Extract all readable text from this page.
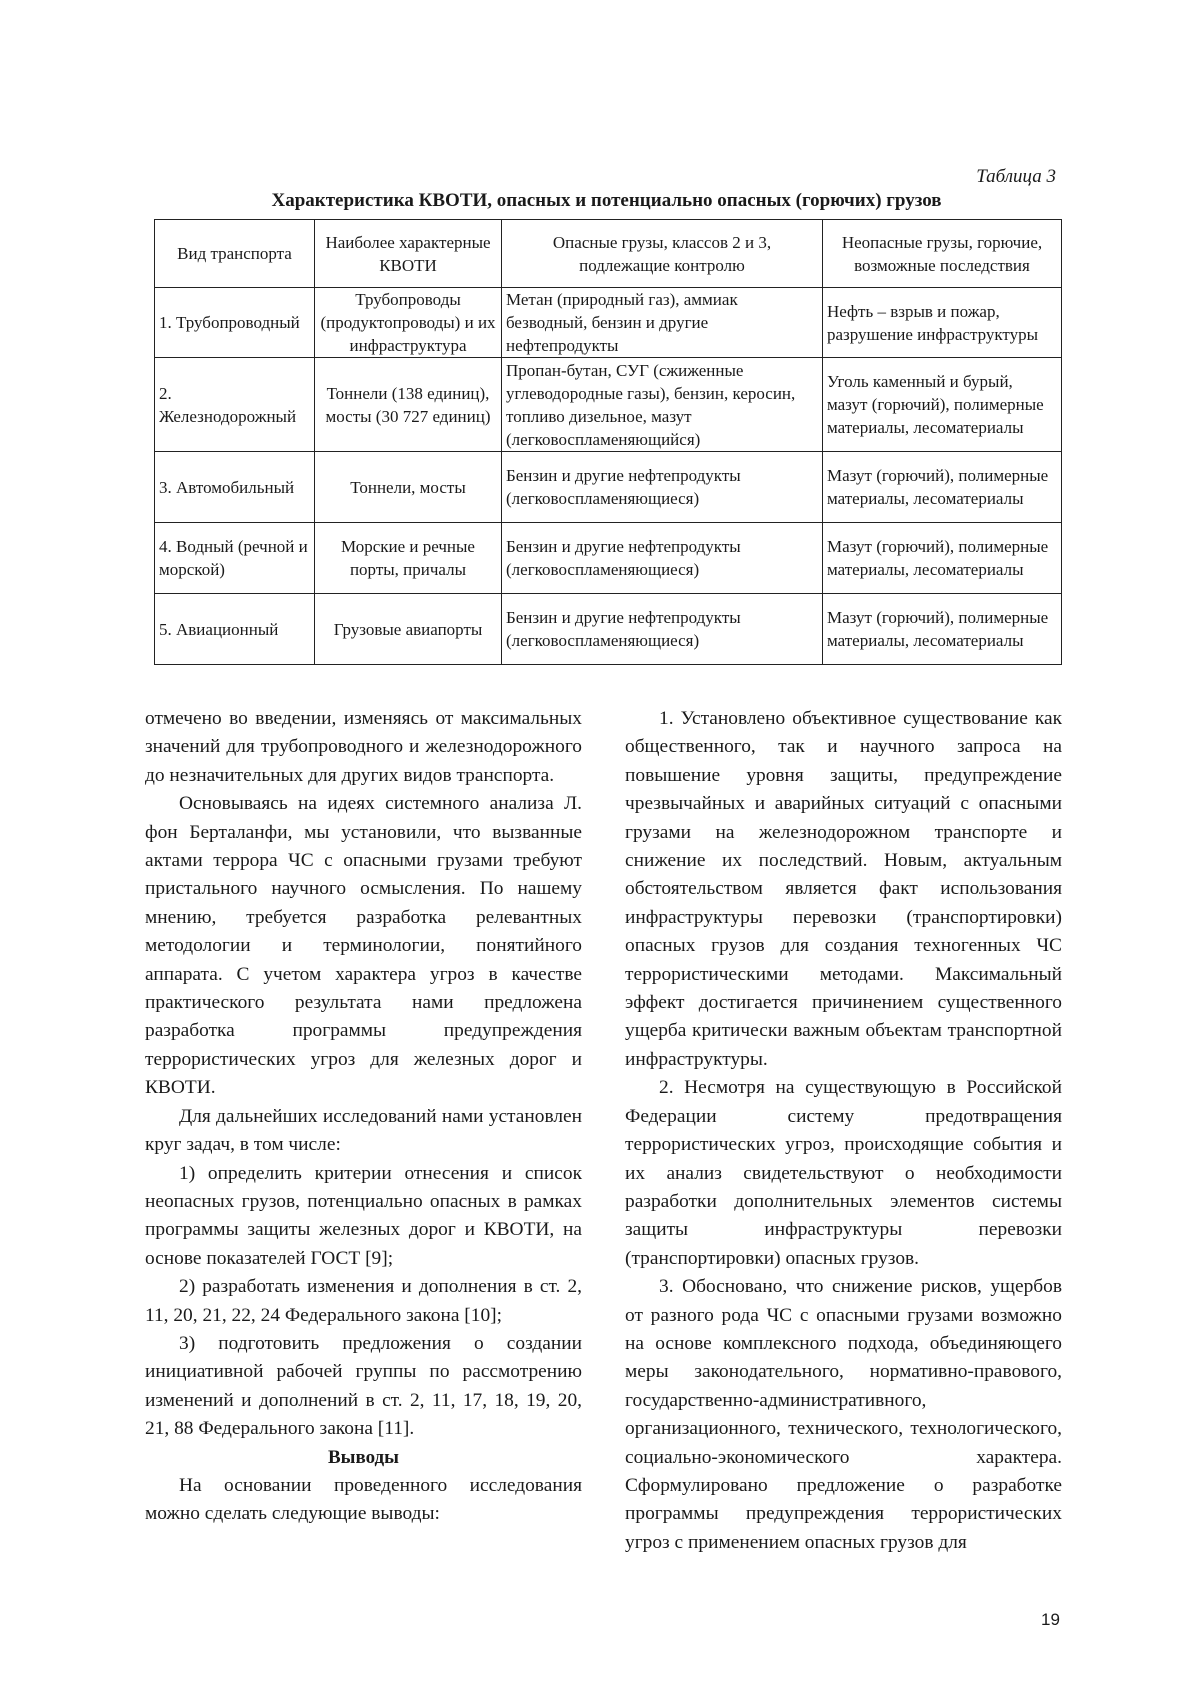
Таблица 3
Характеристика КВОТИ, опасных и потенциально опасных (горючих) грузов
Вид транспорта	Наиболее характерные КВОТИ	Опасные грузы, классов 2 и 3, подлежащие контролю	Неопасные грузы, горючие, возможные последствия
1. Трубопроводный	Трубопроводы (продуктопроводы) и их инфраструктура	Метан (природный газ), аммиак безводный, бензин и другие нефтепродукты	Нефть – взрыв и пожар, разрушение инфраструктуры
2. Железнодорожный	Тоннели (138 единиц), мосты (30 727 единиц)	Пропан-бутан, СУГ (сжиженные углеводородные газы), бензин, керосин, топливо дизельное, мазут (легковоспламеняющийся)	Уголь каменный и бурый, мазут (горючий), полимерные материалы, лесоматериалы
3. Автомобильный	Тоннели, мосты	Бензин и другие нефтепродукты (легковоспламеняющиеся)	Мазут (горючий), полимерные материалы, лесоматериалы
4. Водный (речной и морской)	Морские и речные порты, причалы	Бензин и другие нефтепродукты (легковоспламеняющиеся)	Мазут (горючий), полимерные материалы, лесоматериалы
5. Авиационный	Грузовые авиапорты	Бензин и другие нефтепродукты (легковоспламеняющиеся)	Мазут (горючий), полимерные материалы, лесоматериалы

отмечено во введении, изменяясь от максимальных значений для трубопроводного и железнодорожного до незначительных для других видов транспорта.

Основываясь на идеях системного анализа Л. фон Берталанфи, мы установили, что вызванные актами террора ЧС с опасными грузами требуют пристального научного осмысления. По нашему мнению, требуется разработка релевантных методологии и терминологии, понятийного аппарата. С учетом характера угроз в качестве практического результата нами предложена разработка программы предупреждения террористических угроз для железных дорог и КВОТИ.

Для дальнейших исследований нами установлен круг задач, в том числе:

1) определить критерии отнесения и список неопасных грузов, потенциально опасных в рамках программы защиты железных дорог и КВОТИ, на основе показателей ГОСТ [9];

2) разработать изменения и дополнения в ст. 2, 11, 20, 21, 22, 24 Федерального закона [10];

3) подготовить предложения о создании инициативной рабочей группы по рассмотрению изменений и дополнений в ст. 2, 11, 17, 18, 19, 20, 21, 88 Федерального закона [11].

Выводы

На основании проведенного исследования можно сделать следующие выводы:

1. Установлено объективное существование как общественного, так и научного запроса на повышение уровня защиты, предупреждение чрезвычайных и аварийных ситуаций с опасными грузами на железнодорожном транспорте и снижение их последствий. Новым, актуальным обстоятельством является факт использования инфраструктуры перевозки (транспортировки) опасных грузов для создания техногенных ЧС террористическими методами. Максимальный эффект достигается причинением существенного ущерба критически важным объектам транспортной инфраструктуры.

2. Несмотря на существующую в Российской Федерации систему предотвращения террористических угроз, происходящие события и их анализ свидетельствуют о необходимости разработки дополнительных элементов системы защиты инфраструктуры перевозки (транспортировки) опасных грузов.

3. Обосновано, что снижение рисков, ущербов от разного рода ЧС с опасными грузами возможно на основе комплексного подхода, объединяющего меры законодательного, нормативно-правового, государственно-административного, организационного, технического, технологического, социально-экономического характера. Сформулировано предложение о разработке программы предупреждения террористических угроз с применением опасных грузов для

19
